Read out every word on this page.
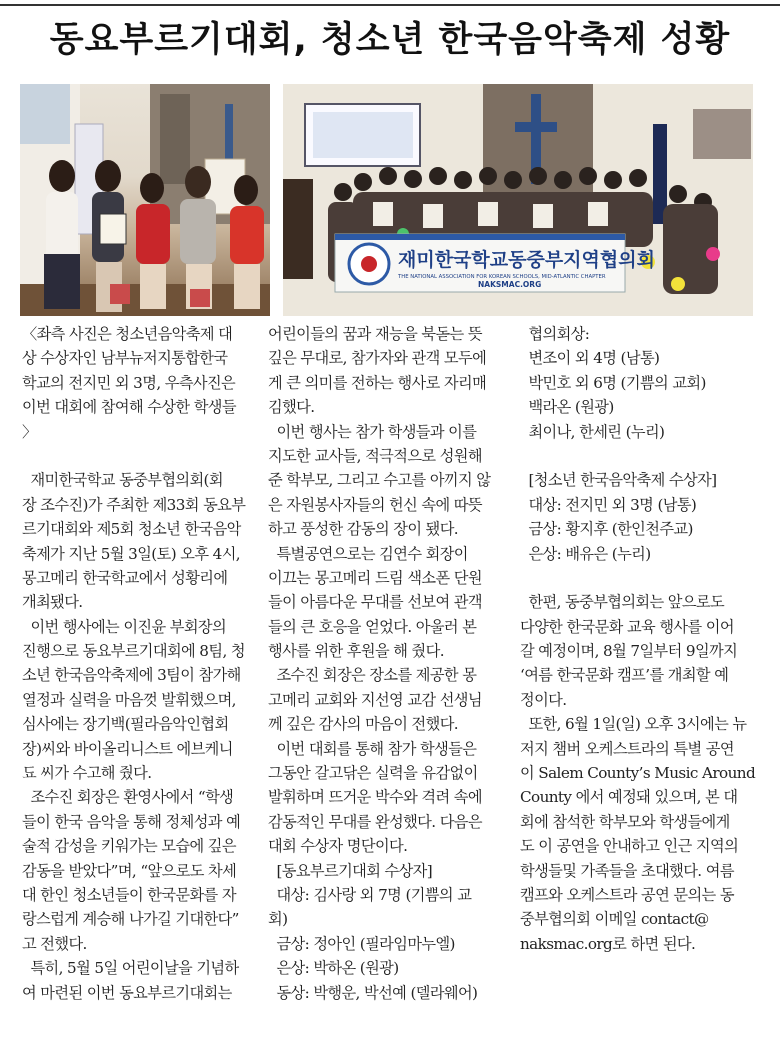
동요부르기대회, 청소년 한국음악축제 성황
재미한국학교동중부지역협의회
THE NATIONAL ASSOCIATION FOR KOREAN SCHOOLS, MID-ATLANTIC CHAPTER
NAKSMAC.ORG
〈좌측 사진은 청소년음악축제 대
상 수상자인 남부뉴저지통합한국
학교의 전지민 외 3명, 우측사진은
이번 대회에 참여해 수상한 학생들
〉
재미한국학교 동중부협의회(회
장 조수진)가 주최한 제33회 동요부
르기대회와 제5회 청소년 한국음악
축제가 지난 5월 3일(토) 오후 4시,
몽고메리 한국학교에서 성황리에
개최됐다.
이번 행사에는 이진윤 부회장의
진행으로 동요부르기대회에 8팀, 청
소년 한국음악축제에 3팀이 참가해
열정과 실력을 마음껏 발휘했으며,
심사에는 장기백(필라음악인협회
장)씨와 바이올리니스트 에브케니
됴 씨가 수고해 줬다.
조수진 회장은 환영사에서 “학생
들이 한국 음악을 통해 정체성과 예
술적 감성을 키워가는 모습에 깊은
감동을 받았다”며, “앞으로도 차세
대 한인 청소년들이 한국문화를 자
랑스럽게 계승해 나가길 기대한다”
고 전했다.
특히, 5월 5일 어린이날을 기념하
여 마련된 이번 동요부르기대회는
어린이들의 꿈과 재능을 북돋는 뜻
깊은 무대로, 참가자와 관객 모두에
게 큰 의미를 전하는 행사로 자리매
김했다.
이번 행사는 참가 학생들과 이를
지도한 교사들, 적극적으로 성원해
준 학부모, 그리고 수고를 아끼지 않
은 자원봉사자들의 헌신 속에 따뜻
하고 풍성한 감동의 장이 됐다.
특별공연으로는 김연수 회장이
이끄는 몽고메리 드림 색소폰 단원
들이 아름다운 무대를 선보여 관객
들의 큰 호응을 얻었다. 아울러 본
행사를 위한 후원을 해 줬다.
조수진 회장은 장소를 제공한 몽
고메리 교회와 지선영 교감 선생님
께 깊은 감사의 마음이 전했다.
이번 대회를 통해 참가 학생들은
그동안 갈고닦은 실력을 유감없이
발휘하며 뜨거운 박수와 격려 속에
감동적인 무대를 완성했다. 다음은
대회 수상자 명단이다.
[동요부르기대회 수상자]
대상: 김사랑 외 7명 (기쁨의 교
회)
금상: 정아인 (필라임마누엘)
은상: 박하온 (원광)
동상: 박행운, 박선예 (델라웨어)
협의회상:
변조이 외 4명 (남통)
박민호 외 6명 (기쁨의 교회)
백라온 (원광)
최이나, 한세린 (누리)
[청소년 한국음악축제 수상자]
대상: 전지민 외 3명 (남통)
금상: 황지후 (한인천주교)
은상: 배유은 (누리)
한편, 동중부협의회는 앞으로도
다양한 한국문화 교육 행사를 이어
갈 예정이며, 8월 7일부터 9일까지
‘여름 한국문화 캠프’를 개최할 예
정이다.
또한, 6월 1일(일) 오후 3시에는 뉴
저지 챔버 오케스트라의 특별 공연
이 Salem County’s Music Around
County 에서 예정돼 있으며, 본 대
회에 참석한 학부모와 학생들에게
도 이 공연을 안내하고 인근 지역의
학생들및 가족들을 초대했다. 여름
캠프와 오케스트라 공연 문의는 동
중부협의회 이메일 contact@
naksmac.org로 하면 된다.
